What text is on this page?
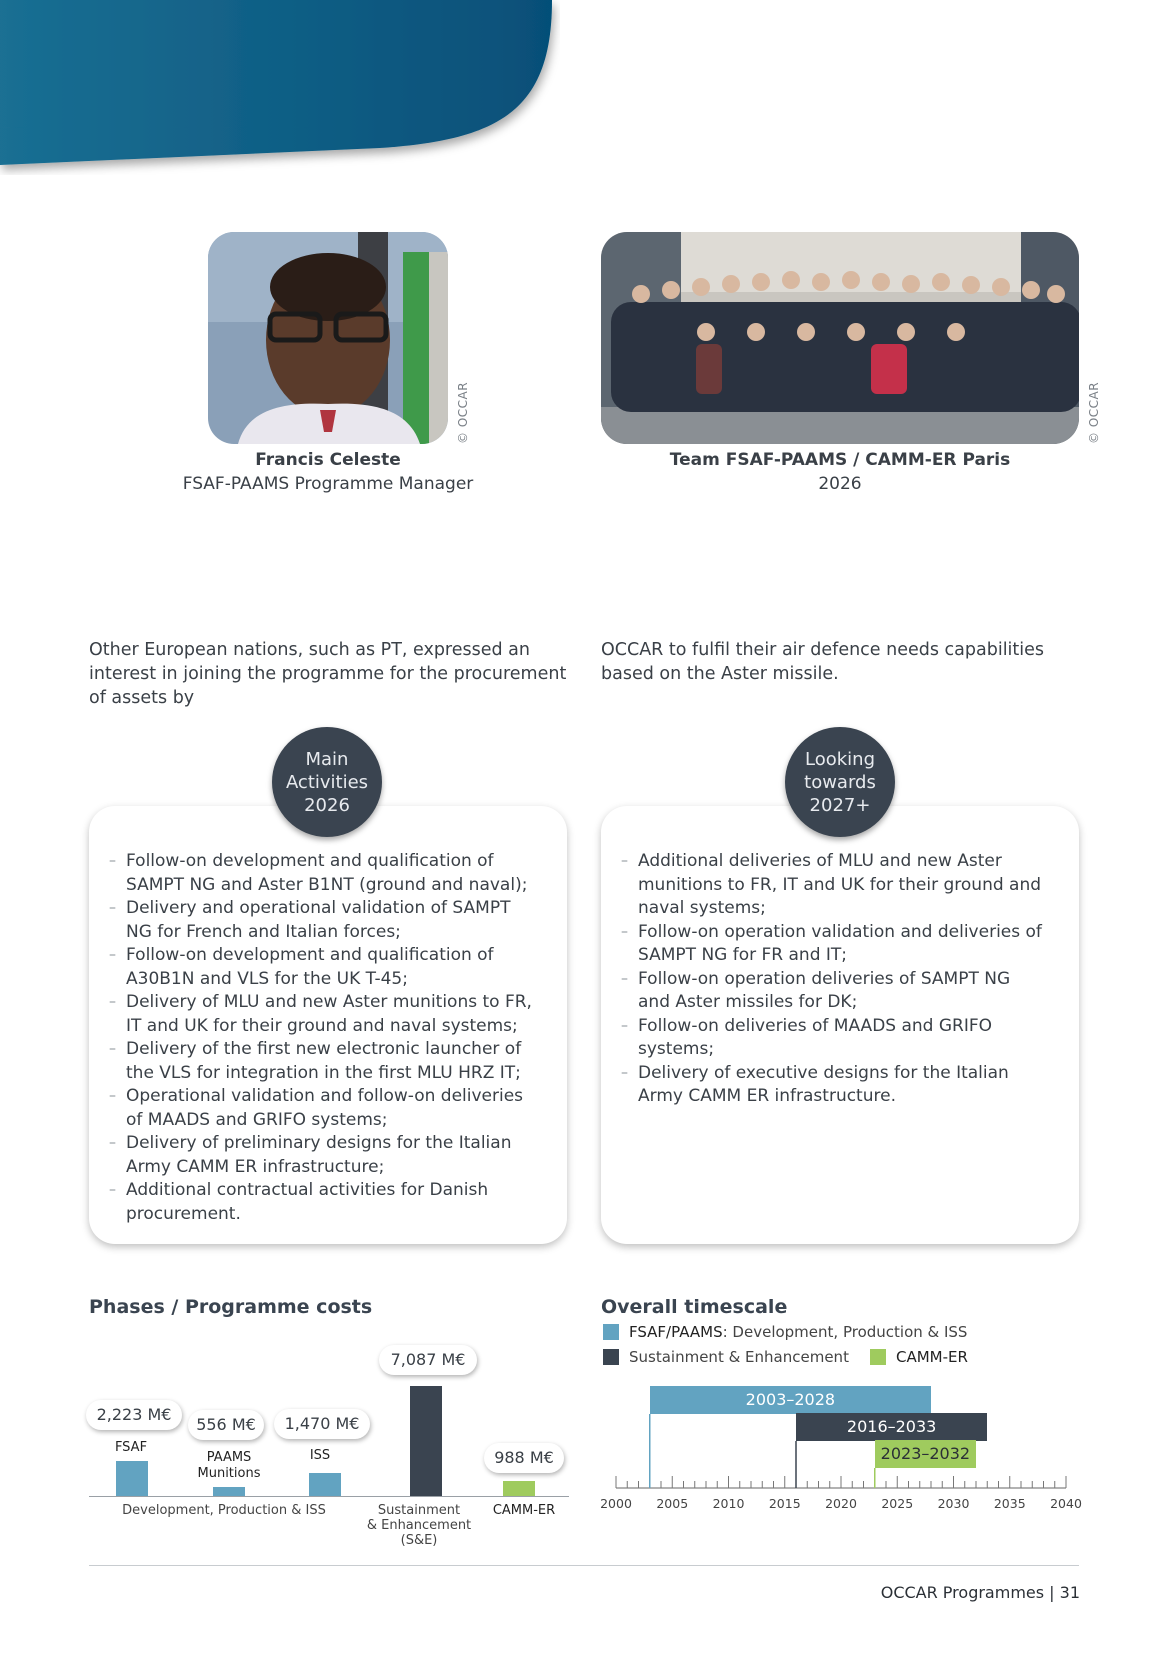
© OCCAR	© OCCAR
Francis Celeste
FSAF-PAAMS Programme Manager
Team FSAF-PAAMS / CAMM-ER Paris
2026
Other European nations, such as PT, expressed an interest in joining the programme for the procurement of assets by
OCCAR to fulfil their air defence needs capabilities based on the Aster missile.
Main
Activities
2026
– Follow-on development and qualification of SAMPT NG and Aster B1NT (ground and naval);
– Delivery and operational validation of SAMPT NG for French and Italian forces;
– Follow-on development and qualification of A30B1N and VLS for the UK T-45;
– Delivery of MLU and new Aster munitions to FR, IT and UK for their ground and naval systems;
– Delivery of the first new electronic launcher of the VLS for integration in the first MLU HRZ IT;
– Operational validation and follow-on deliveries of MAADS and GRIFO systems;
– Delivery of preliminary designs for the Italian Army CAMM ER infrastructure;
– Additional contractual activities for Danish procurement.
Looking
towards
2027+
– Additional deliveries of MLU and new Aster munitions to FR, IT and UK for their ground and naval systems;
– Follow-on operation validation and deliveries of SAMPT NG for FR and IT;
– Follow-on operation deliveries of SAMPT NG and Aster missiles for DK;
– Follow-on deliveries of MAADS and GRIFO systems;
– Delivery of executive designs for the Italian Army CAMM ER infrastructure.
Phases / Programme costs
2,223 M€
556 M€	1,470 M€
7,087 M€
988 M€
FSAF
PAAMS
Munitions
ISS
Development, Production & ISS	Sustainment
& Enhancement
(S&E)
CAMM-ER
Overall timescale
FSAF/PAAMS : Development, Production & ISS
Sustainment & Enhancement	CAMM-ER
2003–2028
2016–2033
2023–2032
2000	2005	2010	2015	2020	2025	2030	2035	2040
OCCAR Programmes | 31
